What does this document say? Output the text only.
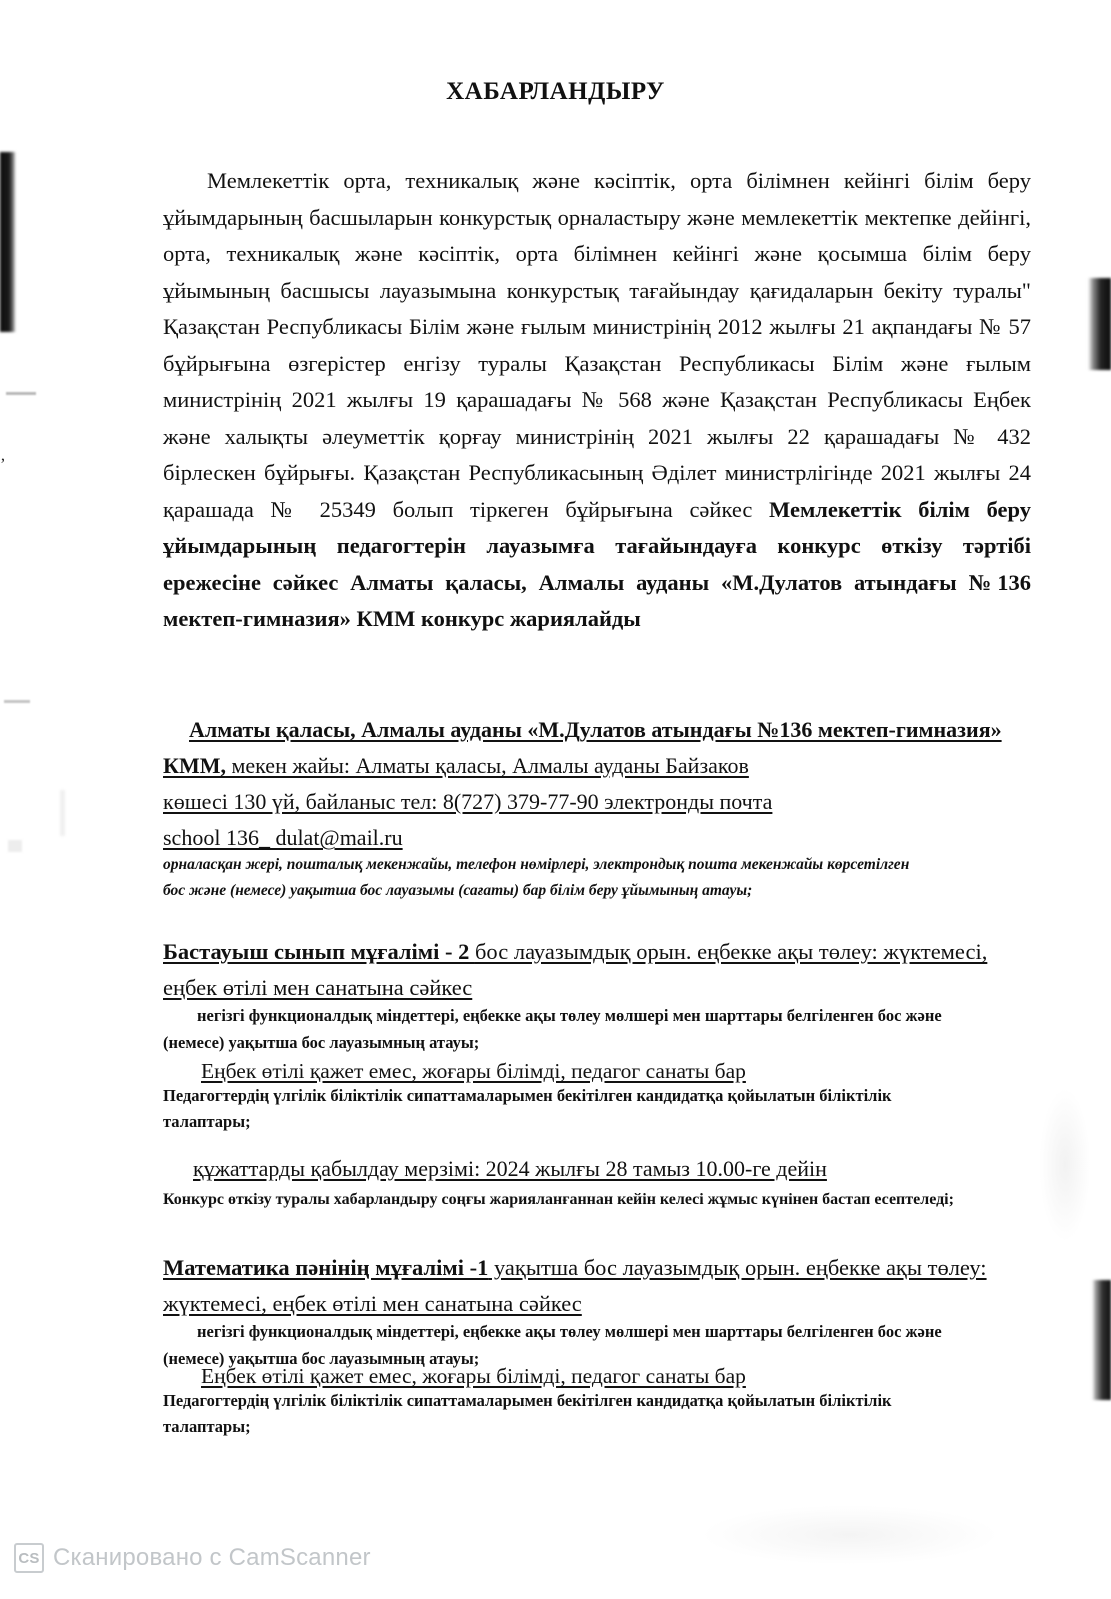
ʼ
ХАБАРЛАНДЫРУ

Мемлекеттік орта, техникалық және кәсіптік, орта білімнен кейінгі білім беру ұйымдарының басшыларын конкурстық орналастыру және мемлекеттік мектепке дейінгі, орта, техникалық және кәсіптік, орта білімнен кейінгі және қосымша білім беру ұйымының басшысы лауазымына конкурстық тағайындау қағидаларын бекіту туралы" Қазақстан Республикасы Білім және ғылым министрінің 2012 жылғы 21 ақпандағы № 57 бұйрығына өзгерістер енгізу туралы Қазақстан Республикасы Білім және ғылым министрінің 2021 жылғы 19 қарашадағы № 568 және Қазақстан Республикасы Еңбек және халықты әлеуметтік қорғау министрінің 2021 жылғы 22 қарашадағы № 432 бірлескен бұйрығы. Қазақстан Республикасының Әділет министрлігінде 2021 жылғы 24 қарашада № 25349 болып тіркеген бұйрығына сәйкес Мемлекеттік білім беру ұйымдарының педагогтерін лауазымға тағайындауға конкурс өткізу тәртібі ережесіне сәйкес Алматы қаласы, Алмалы ауданы «М.Дулатов атындағы №136 мектеп-гимназия» КММ конкурс жариялайды

Алматы қаласы, Алмалы ауданы «М.Дулатов атындағы №136 мектеп-гимназия» КММ, мекен жайы: Алматы қаласы, Алмалы ауданы Байзаков

көшесі 130 үй, байланыс тел: 8(727) 379-77-90 электронды почта

school 136_ dulat@mail.ru

орналасқан жері, пошталық мекенжайы, телефон нөмірлері, электрондық пошта мекенжайы көрсетілген

бос және (немесе) уақытша бос лауазымы (сағаты) бар білім беру ұйымының атауы;

Бастауыш сынып мұғалімі - 2 бос лауазымдық орын. еңбекке ақы төлеу: жүктемесі, еңбек өтілі мен санатына сәйкес

негізгі функционалдық міндеттері, еңбекке ақы төлеу мөлшері мен шарттары белгіленген бос және

(немесе) уақытша бос лауазымның атауы;

Еңбек өтілі қажет емес, жоғары білімді, педагог санаты бар

Педагогтердің үлгілік біліктілік сипаттамаларымен бекітілген кандидатқа қойылатын біліктілік

талаптары;

құжаттарды қабылдау мерзімі: 2024 жылғы 28 тамыз 10.00-ге дейін

Конкурс өткізу туралы хабарландыру соңғы жарияланғаннан кейін келесі жұмыс күнінен бастап есептеледі;

Математика пәнінің мұғалімі -1 уақытша бос лауазымдық орын. еңбекке ақы төлеу: жүктемесі, еңбек өтілі мен санатына сәйкес

негізгі функционалдық міндеттері, еңбекке ақы төлеу мөлшері мен шарттары белгіленген бос және

(немесе) уақытша бос лауазымның атауы;

Еңбек өтілі қажет емес, жоғары білімді, педагог санаты бар

Педагогтердің үлгілік біліктілік сипаттамаларымен бекітілген кандидатқа қойылатын біліктілік

талаптары;

CS Сканировано с CamScanner
